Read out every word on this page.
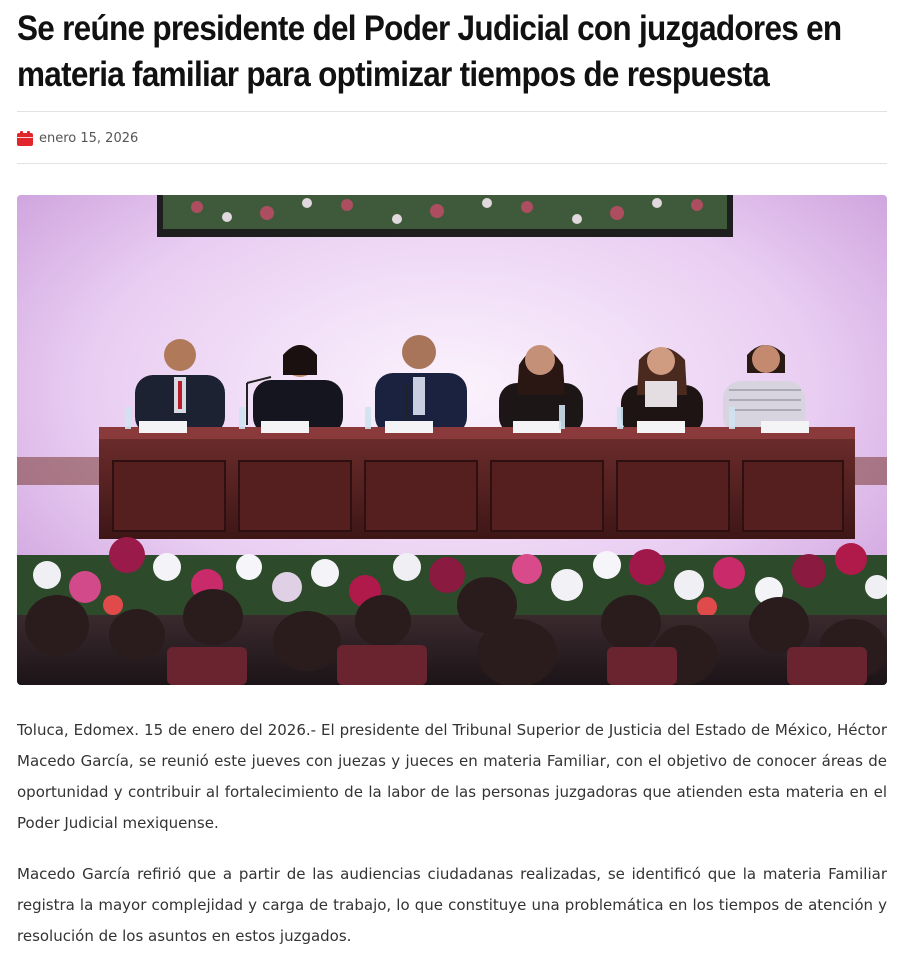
Se reúne presidente del Poder Judicial con juzgadores en materia familiar para optimizar tiempos de respuesta
enero 15, 2026

Toluca, Edomex. 15 de enero del 2026.- El presidente del Tribunal Superior de Justicia del Estado de México, Héctor Macedo García, se reunió este jueves con juezas y jueces en materia Familiar, con el objetivo de conocer áreas de oportunidad y contribuir al fortalecimiento de la labor de las personas juzgadoras que atienden esta materia en el Poder Judicial mexiquense.

Macedo García refirió que a partir de las audiencias ciudadanas realizadas, se identificó que la materia Familiar registra la mayor complejidad y carga de trabajo, lo que constituye una problemática en los tiempos de atención y resolución de los asuntos en estos juzgados.
